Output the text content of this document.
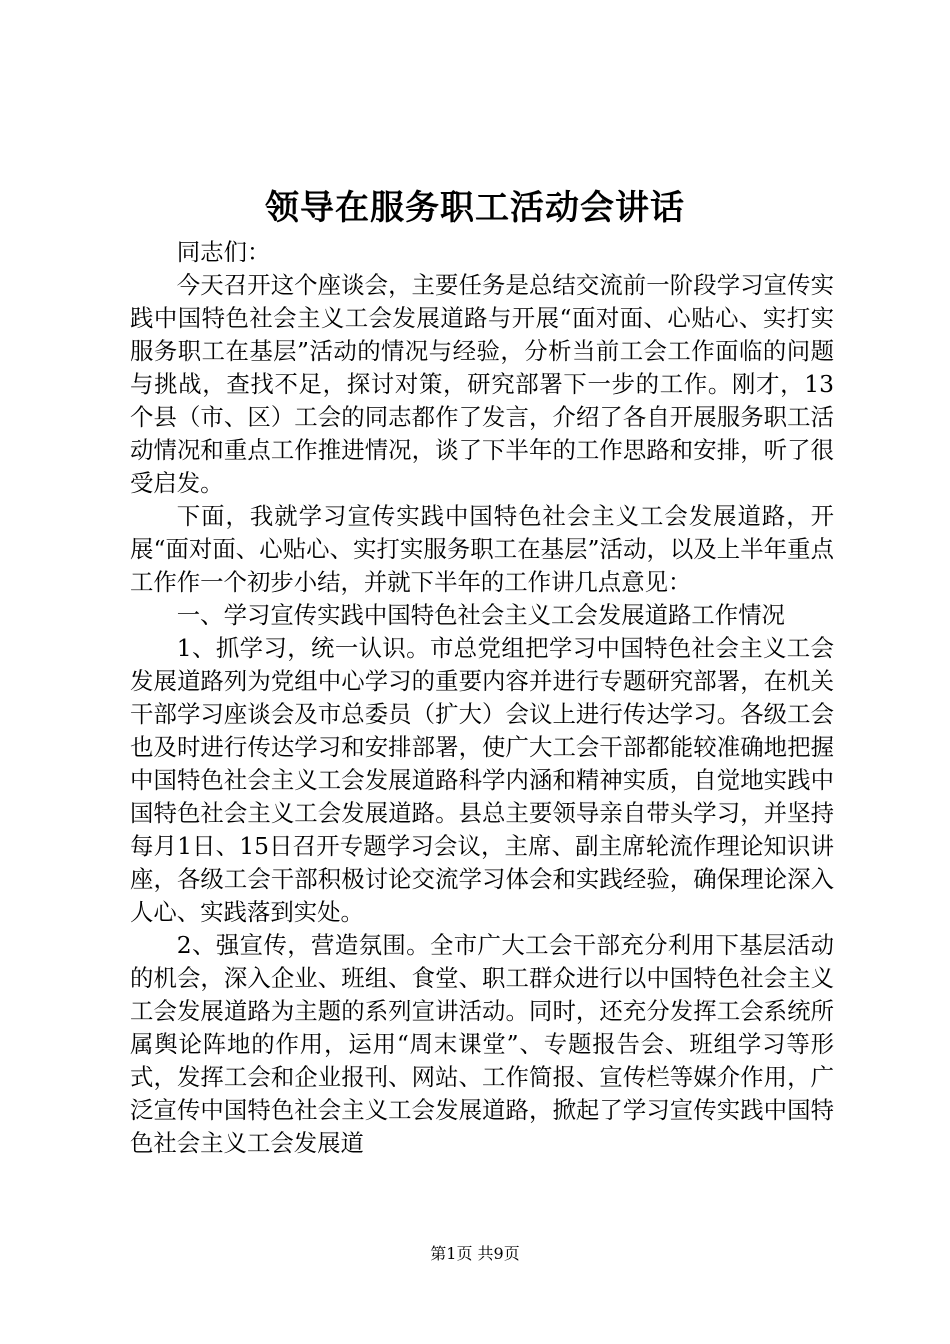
领导在服务职工活动会讲话

同志们：

今天召开这个座谈会，主要任务是总结交流前一阶段学习宣传实践中国特色社会主义工会发展道路与开展“面对面、心贴心、实打实服务职工在基层”活动的情况与经验，分析当前工会工作面临的问题与挑战，查找不足，探讨对策，研究部署下一步的工作。刚才，13个县（市、区）工会的同志都作了发言，介绍了各自开展服务职工活动情况和重点工作推进情况，谈了下半年的工作思路和安排，听了很受启发。

下面，我就学习宣传实践中国特色社会主义工会发展道路，开展“面对面、心贴心、实打实服务职工在基层”活动，以及上半年重点工作作一个初步小结，并就下半年的工作讲几点意见：

一、学习宣传实践中国特色社会主义工会发展道路工作情况

1、抓学习，统一认识。市总党组把学习中国特色社会主义工会发展道路列为党组中心学习的重要内容并进行专题研究部署，在机关干部学习座谈会及市总委员（扩大）会议上进行传达学习。各级工会也及时进行传达学习和安排部署，使广大工会干部都能较准确地把握中国特色社会主义工会发展道路科学内涵和精神实质，自觉地实践中国特色社会主义工会发展道路。县总主要领导亲自带头学习，并坚持每月1日、15日召开专题学习会议，主席、副主席轮流作理论知识讲座，各级工会干部积极讨论交流学习体会和实践经验，确保理论深入人心、实践落到实处。

2、强宣传，营造氛围。全市广大工会干部充分利用下基层活动的机会，深入企业、班组、食堂、职工群众进行以中国特色社会主义工会发展道路为主题的系列宣讲活动。同时，还充分发挥工会系统所属舆论阵地的作用，运用“周末课堂”、专题报告会、班组学习等形式，发挥工会和企业报刊、网站、工作简报、宣传栏等媒介作用，广泛宣传中国特色社会主义工会发展道路，掀起了学习宣传实践中国特色社会主义工会发展道

第1页 共9页
